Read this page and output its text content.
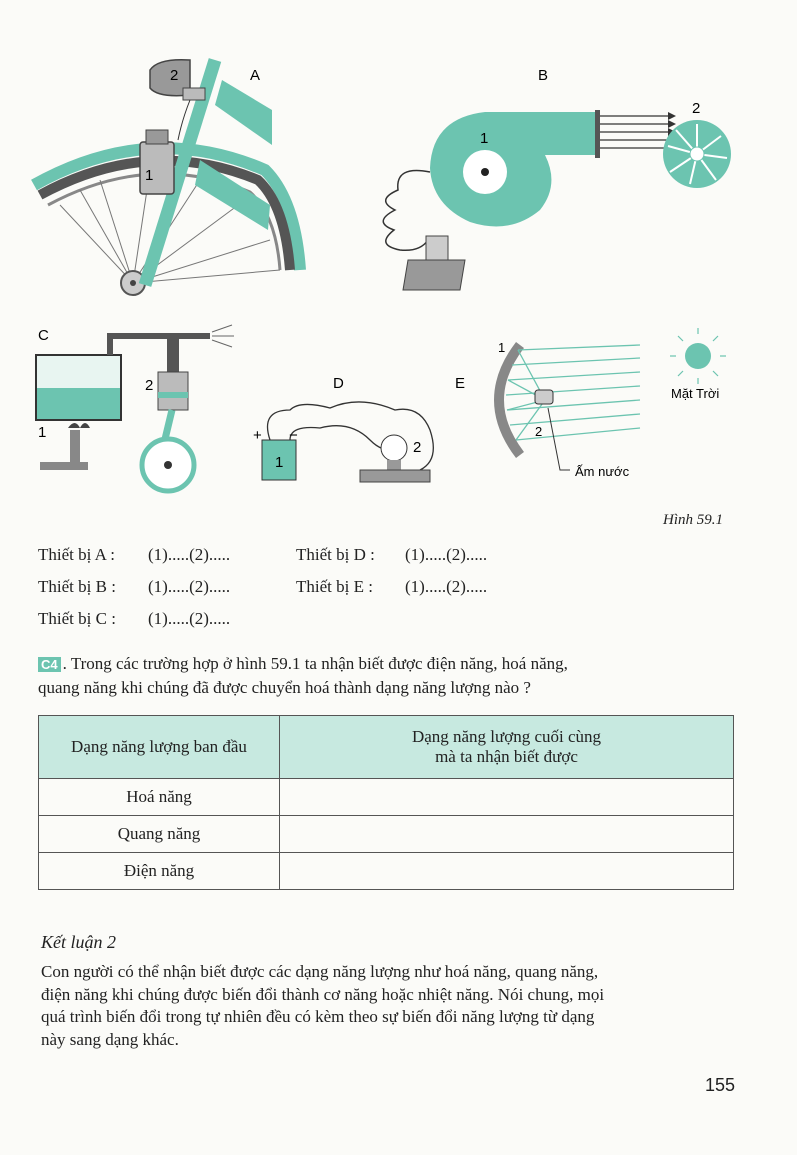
2
1
A	B
1
2
C
2
1
D
+ −
1
2
E
1
2
Mặt Trời
Ấm nước
Hình 59.1
Thiết bị A : (1).....(2).....
Thiết bị B : (1).....(2).....
Thiết bị C : (1).....(2).....
Thiết bị D : (1).....(2).....
Thiết bị E : (1).....(2).....
C4 . Trong các trường hợp ở hình 59.1 ta nhận biết được điện năng, hoá năng,
quang năng khi chúng đã được chuyển hoá thành dạng năng lượng nào ?
Dạng năng lượng ban đầu	Dạng năng lượng cuối cùng
mà ta nhận biết được

Hoá năng	
Quang năng	
Điện năng	
Kết luận 2
Con người có thể nhận biết được các dạng năng lượng như hoá năng, quang năng,
điện năng khi chúng được biến đổi thành cơ năng hoặc nhiệt năng. Nói chung, mọi
quá trình biến đổi trong tự nhiên đều có kèm theo sự biến đổi năng lượng từ dạng
này sang dạng khác.
155
